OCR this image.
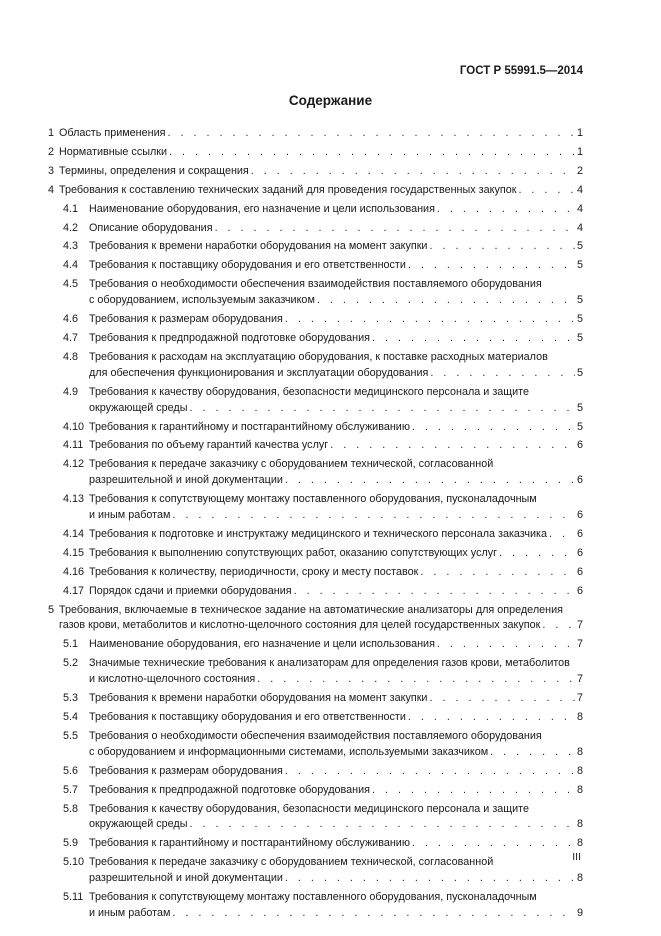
ГОСТ Р 55991.5—2014
Содержание
1 Область применения . . .	1
2 Нормативные ссылки . . .	1
3 Термины, определения и сокращения . . .	2
4 Требования к составлению технических заданий для проведения государственных закупок . . .	4
4.1	Наименование оборудования, его назначение и цели использования . . .	4
4.2	Описание оборудования . . .	4
4.3	Требования к времени наработки оборудования на момент закупки . . .	5
4.4	Требования к поставщику оборудования и его ответственности . . .	5
4.5	Требования о необходимости обеспечения взаимодействия поставляемого оборудования
с оборудованием, используемым заказчиком . . .	5
4.6	Требования к размерам оборудования . . .	5
4.7	Требования к предпродажной подготовке оборудования . . .	5
4.8	Требования к расходам на эксплуатацию оборудования, к поставке расходных материалов
для обеспечения функционирования и эксплуатации оборудования . . .	5
4.9	Требования к качеству оборудования, безопасности медицинского персонала и защите
окружающей среды . . .	5
4.10 Требования к гарантийному и постгарантийному обслуживанию . . .	5
4.11 Требования по объему гарантий качества услуг . . .	6
4.12 Требования к передаче заказчику с оборудованием технической, согласованной
разрешительной и иной документации . . .	6
4.13 Требования к сопутствующему монтажу поставленного оборудования, пусконаладочным
и иным работам . . .	6
4.14 Требования к подготовке и инструктажу медицинского и технического персонала заказчика . . .	6
4.15 Требования к выполнению сопутствующих работ, оказанию сопутствующих услуг . . .	6
4.16 Требования к количеству, периодичности, сроку и месту поставок . . .	6
4.17 Порядок сдачи и приемки оборудования . . .	6
5 Требования, включаемые в техническое задание на автоматические анализаторы для определения
газов крови, метаболитов и кислотно-щелочного состояния для целей государственных закупок . . .	7
5.1	Наименование оборудования, его назначение и цели использования . . .	7
5.2	Значимые технические требования к анализаторам для определения газов крови, метаболитов
и кислотно-щелочного состояния . . .	7
5.3	Требования к времени наработки оборудования на момент закупки . . .	7
5.4	Требования к поставщику оборудования и его ответственности . . .	8
5.5	Требования о необходимости обеспечения взаимодействия поставляемого оборудования
с оборудованием и информационными системами, используемыми заказчиком . . .	8
5.6	Требования к размерам оборудования . . .	8
5.7	Требования к предпродажной подготовке оборудования . . .	8
5.8	Требования к качеству оборудования, безопасности медицинского персонала и защите
окружающей среды . . .	8
5.9	Требования к гарантийному и постгарантийному обслуживанию . . .	8
5.10 Требования к передаче заказчику с оборудованием технической, согласованной
разрешительной и иной документации . . .	8
5.11 Требования к сопутствующему монтажу поставленного оборудования, пусконаладочным
и иным работам . . .	9
III
